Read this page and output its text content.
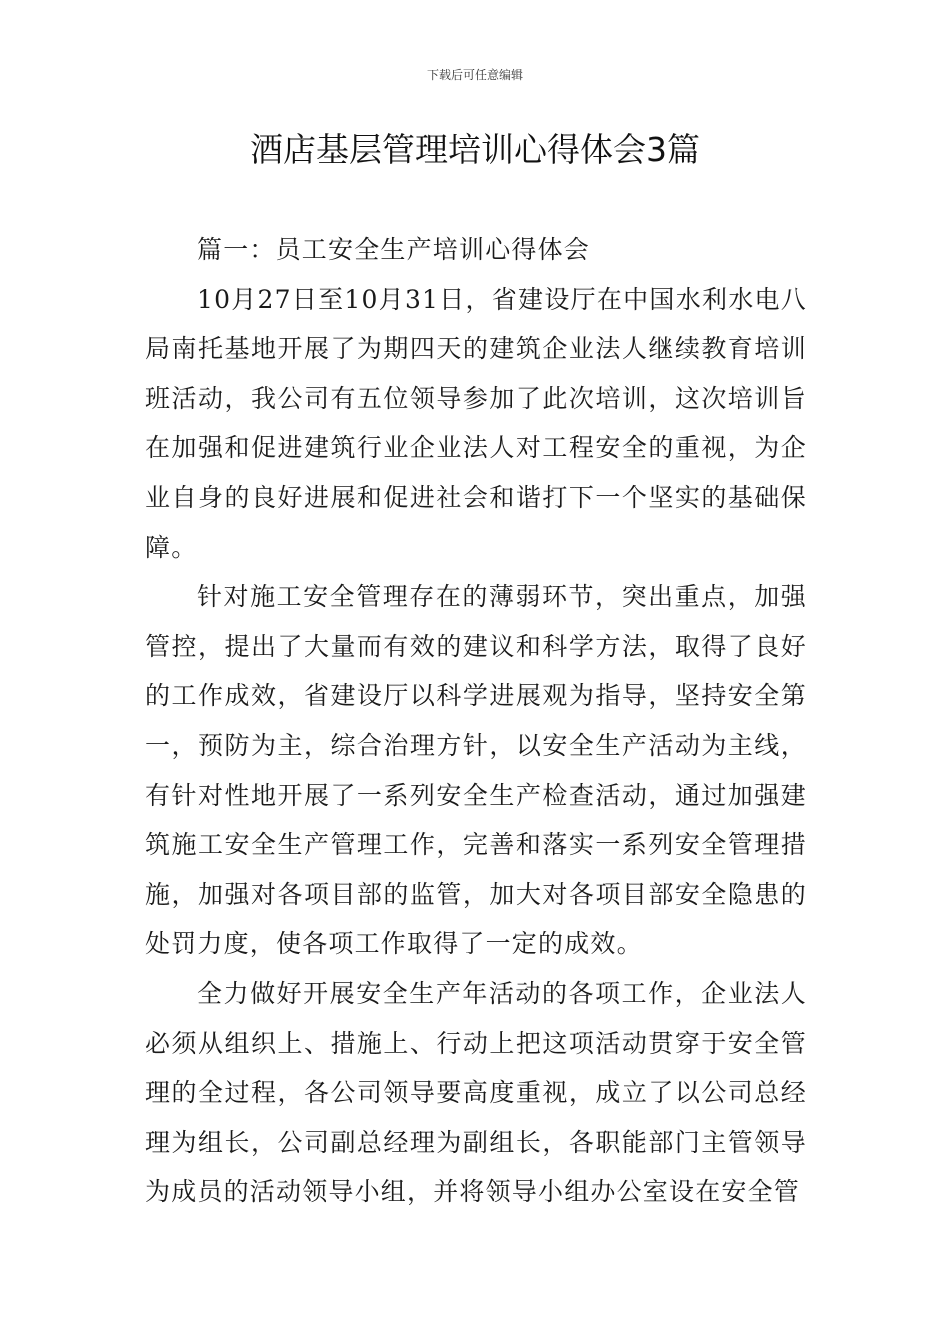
下载后可任意编辑
酒店基层管理培训心得体会3篇
篇一：员工安全生产培训心得体会

10月27日至10月31日，省建设厅在中国水利水电八局南托基地开展了为期四天的建筑企业法人继续教育培训班活动，我公司有五位领导参加了此次培训，这次培训旨在加强和促进建筑行业企业法人对工程安全的重视，为企业自身的良好进展和促进社会和谐打下一个坚实的基础保障。

针对施工安全管理存在的薄弱环节，突出重点，加强管控，提出了大量而有效的建议和科学方法，取得了良好的工作成效，省建设厅以科学进展观为指导，坚持安全第一，预防为主，综合治理方针，以安全生产活动为主线，有针对性地开展了一系列安全生产检查活动，通过加强建筑施工安全生产管理工作，完善和落实一系列安全管理措施，加强对各项目部的监管，加大对各项目部安全隐患的处罚力度，使各项工作取得了一定的成效。

全力做好开展安全生产年活动的各项工作，企业法人必须从组织上、措施上、行动上把这项活动贯穿于安全管理的全过程，各公司领导要高度重视，成立了以公司总经理为组长，公司副总经理为副组长，各职能部门主管领导为成员的活动领导小组，并将领导小组办公室设在安全管
